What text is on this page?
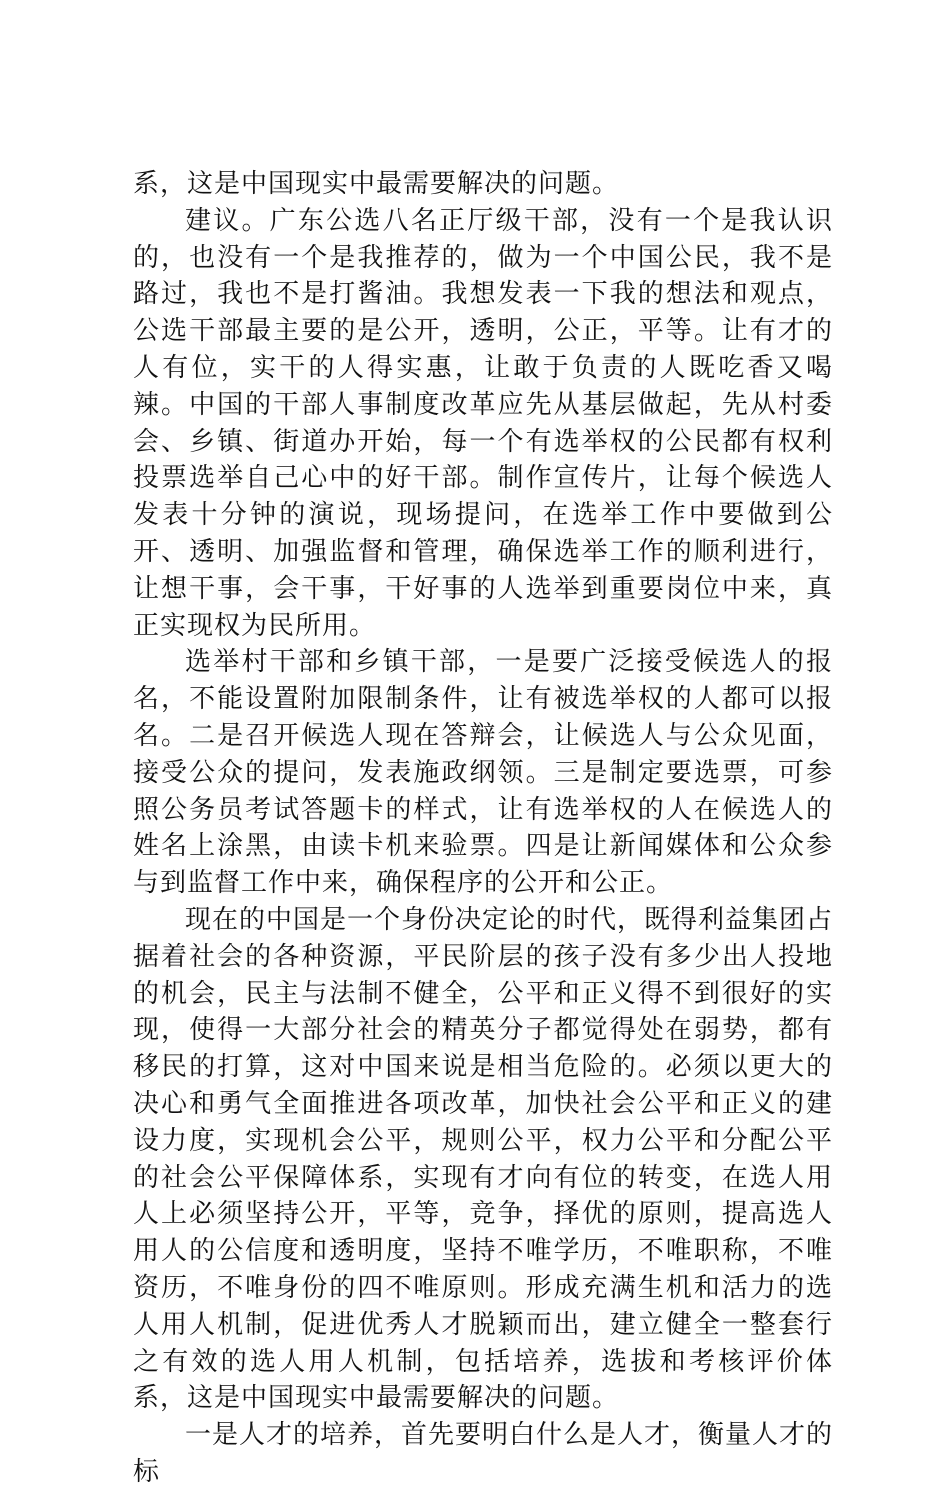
系，这是中国现实中最需要解决的问题。

建议。广东公选八名正厅级干部，没有一个是我认识的，也没有一个是我推荐的，做为一个中国公民，我不是路过，我也不是打酱油。我想发表一下我的想法和观点，公选干部最主要的是公开，透明，公正，平等。让有才的人有位，实干的人得实惠，让敢于负责的人既吃香又喝辣。中国的干部人事制度改革应先从基层做起，先从村委会、乡镇、街道办开始，每一个有选举权的公民都有权利投票选举自己心中的好干部。制作宣传片，让每个候选人发表十分钟的演说，现场提问，在选举工作中要做到公开、透明、加强监督和管理，确保选举工作的顺利进行，让想干事，会干事，干好事的人选举到重要岗位中来，真正实现权为民所用。

选举村干部和乡镇干部，一是要广泛接受候选人的报名，不能设置附加限制条件，让有被选举权的人都可以报名。二是召开候选人现在答辩会，让候选人与公众见面，接受公众的提问，发表施政纲领。三是制定要选票，可参照公务员考试答题卡的样式，让有选举权的人在候选人的姓名上涂黑，由读卡机来验票。四是让新闻媒体和公众参与到监督工作中来，确保程序的公开和公正。

现在的中国是一个身份决定论的时代，既得利益集团占据着社会的各种资源，平民阶层的孩子没有多少出人投地的机会，民主与法制不健全，公平和正义得不到很好的实现，使得一大部分社会的精英分子都觉得处在弱势，都有移民的打算，这对中国来说是相当危险的。必须以更大的决心和勇气全面推进各项改革，加快社会公平和正义的建设力度，实现机会公平，规则公平，权力公平和分配公平的社会公平保障体系，实现有才向有位的转变，在选人用人上必须坚持公开，平等，竞争，择优的原则，提高选人用人的公信度和透明度，坚持不唯学历，不唯职称，不唯资历，不唯身份的四不唯原则。形成充满生机和活力的选人用人机制，促进优秀人才脱颖而出，建立健全一整套行之有效的选人用人机制，包括培养，选拔和考核评价体系，这是中国现实中最需要解决的问题。

一是人才的培养，首先要明白什么是人才，衡量人才的标
